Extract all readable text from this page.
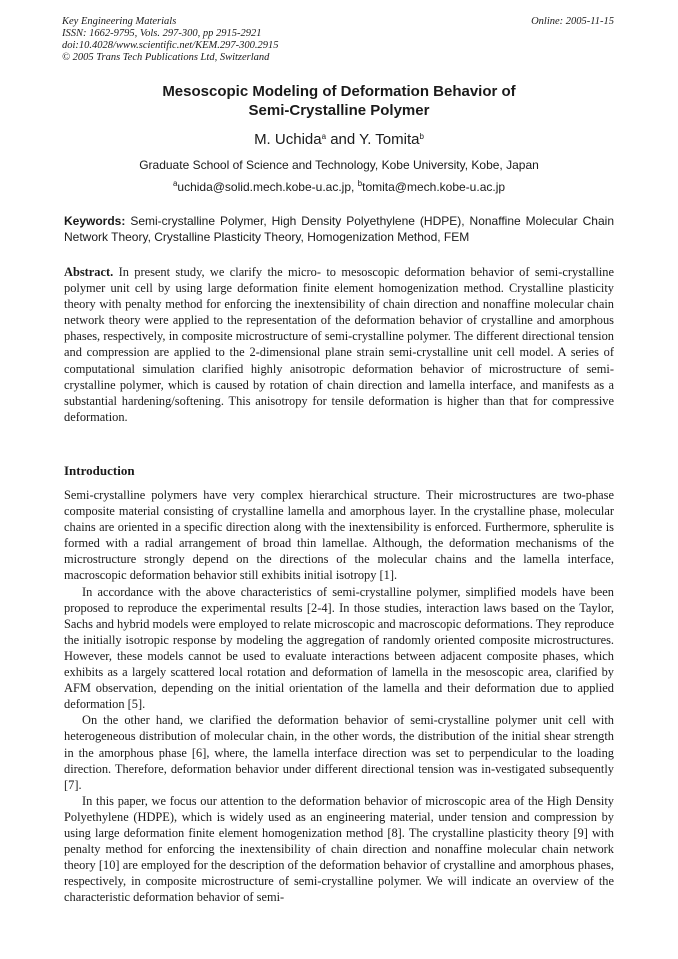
Key Engineering Materials
ISSN: 1662-9795, Vols. 297-300, pp 2915-2921
doi:10.4028/www.scientific.net/KEM.297-300.2915
© 2005 Trans Tech Publications Ltd, Switzerland
Online: 2005-11-15
Mesoscopic Modeling of Deformation Behavior of
Semi-Crystalline Polymer
M. Uchida$^a$ and Y. Tomita$^b$
Graduate School of Science and Technology, Kobe University, Kobe, Japan
$^a$uchida@solid.mech.kobe-u.ac.jp, $^b$tomita@mech.kobe-u.ac.jp
Keywords: Semi-crystalline Polymer, High Density Polyethylene (HDPE), Nonaffine Molecular Chain Network Theory, Crystalline Plasticity Theory, Homogenization Method, FEM
Abstract. In present study, we clarify the micro- to mesoscopic deformation behavior of semi-crystalline polymer unit cell by using large deformation finite element homogenization method. Crystalline plasticity theory with penalty method for enforcing the inextensibility of chain direction and nonaffine molecular chain network theory were applied to the representation of the deformation behavior of crystalline and amorphous phases, respectively, in composite microstructure of semi-crystalline polymer. The different directional tension and compression are applied to the 2-dimensional plane strain semi-crystalline unit cell model. A series of computational simulation clarified highly anisotropic deformation behavior of microstructure of semi-crystalline polymer, which is caused by rotation of chain direction and lamella interface, and manifests as a substantial hardening/softening. This anisotropy for tensile deformation is higher than that for compressive deformation.
Introduction

Semi-crystalline polymers have very complex hierarchical structure. Their microstructures are two-phase composite material consisting of crystalline lamella and amorphous layer. In the crystalline phase, molecular chains are oriented in a specific direction along with the inextensibility is enforced. Furthermore, spherulite is formed with a radial arrangement of broad thin lamellae. Although, the deformation mechanisms of the microstructure strongly depend on the directions of the molecular chains and the lamella interface, macroscopic deformation behavior still exhibits initial isotropy [1].

In accordance with the above characteristics of semi-crystalline polymer, simplified models have been proposed to reproduce the experimental results [2-4]. In those studies, interaction laws based on the Taylor, Sachs and hybrid models were employed to relate microscopic and macroscopic deformations. They reproduce the initially isotropic response by modeling the aggregation of randomly oriented composite microstructures. However, these models cannot be used to evaluate interactions between adjacent composite phases, which exhibits as a largely scattered local rotation and deformation of lamella in the mesoscopic area, clarified by AFM observation, depending on the initial orientation of the lamella and their deformation due to applied deformation [5].

On the other hand, we clarified the deformation behavior of semi-crystalline polymer unit cell with heterogeneous distribution of molecular chain, in the other words, the distribution of the initial shear strength in the amorphous phase [6], where, the lamella interface direction was set to perpendicular to the loading direction. Therefore, deformation behavior under different directional tension was in-vestigated subsequently [7].

In this paper, we focus our attention to the deformation behavior of microscopic area of the High Density Polyethylene (HDPE), which is widely used as an engineering material, under tension and compression by using large deformation finite element homogenization method [8]. The crystalline plasticity theory [9] with penalty method for enforcing the inextensibility of chain direction and nonaffine molecular chain network theory [10] are employed for the description of the deformation behavior of crystalline and amorphous phases, respectively, in composite microstructure of semi-crystalline polymer. We will indicate an overview of the characteristic deformation behavior of semi-
